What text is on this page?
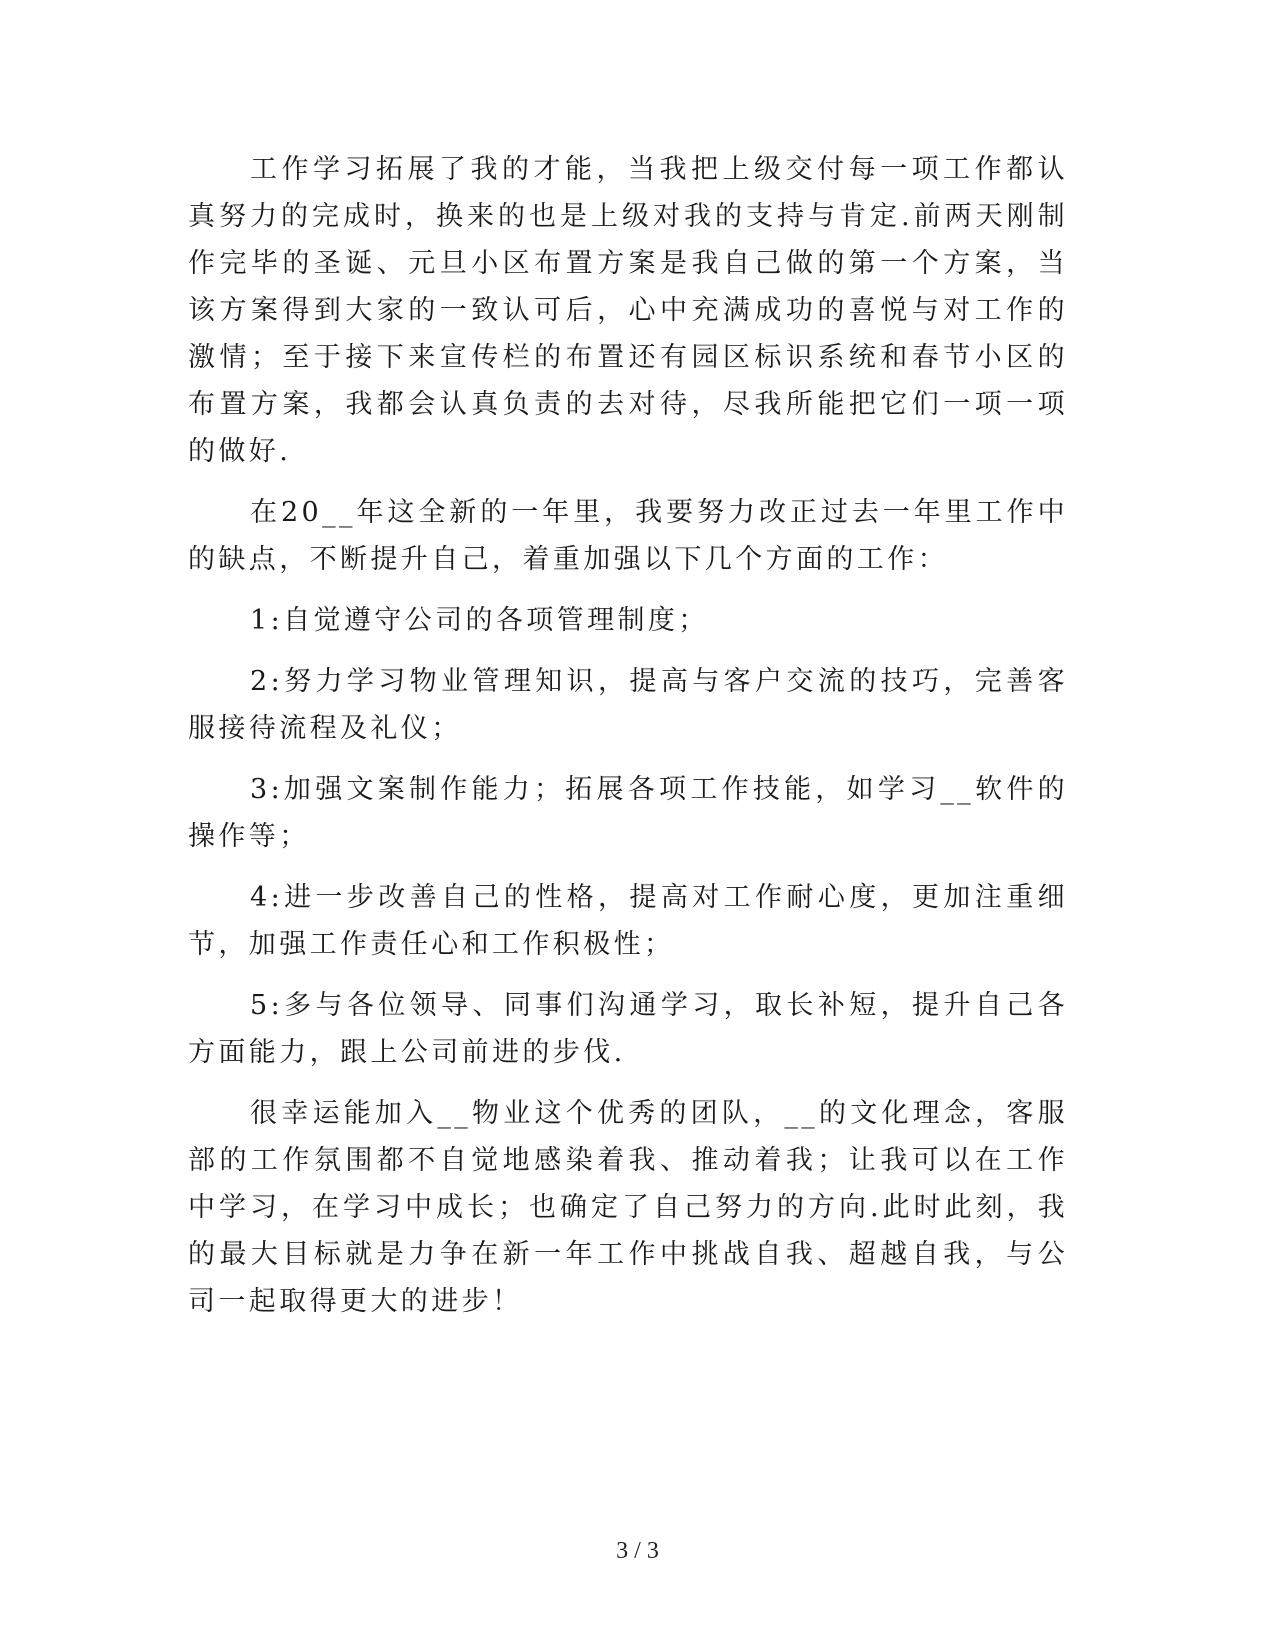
工作学习拓展了我的才能，当我把上级交付每一项工作都认真努力的完成时，换来的也是上级对我的支持与肯定.前两天刚制作完毕的圣诞、元旦小区布置方案是我自己做的第一个方案，当该方案得到大家的一致认可后，心中充满成功的喜悦与对工作的激情；至于接下来宣传栏的布置还有园区标识系统和春节小区的布置方案，我都会认真负责的去对待，尽我所能把它们一项一项的做好.

在20__年这全新的一年里，我要努力改正过去一年里工作中的缺点，不断提升自己，着重加强以下几个方面的工作：

1:自觉遵守公司的各项管理制度；

2:努力学习物业管理知识，提高与客户交流的技巧，完善客服接待流程及礼仪；

3:加强文案制作能力；拓展各项工作技能，如学习__软件的操作等；

4:进一步改善自己的性格，提高对工作耐心度，更加注重细节，加强工作责任心和工作积极性；

5:多与各位领导、同事们沟通学习，取长补短，提升自己各方面能力，跟上公司前进的步伐.

很幸运能加入__物业这个优秀的团队，__的文化理念，客服部的工作氛围都不自觉地感染着我、推动着我；让我可以在工作中学习，在学习中成长；也确定了自己努力的方向.此时此刻，我的最大目标就是力争在新一年工作中挑战自我、超越自我，与公司一起取得更大的进步！

3 / 3
